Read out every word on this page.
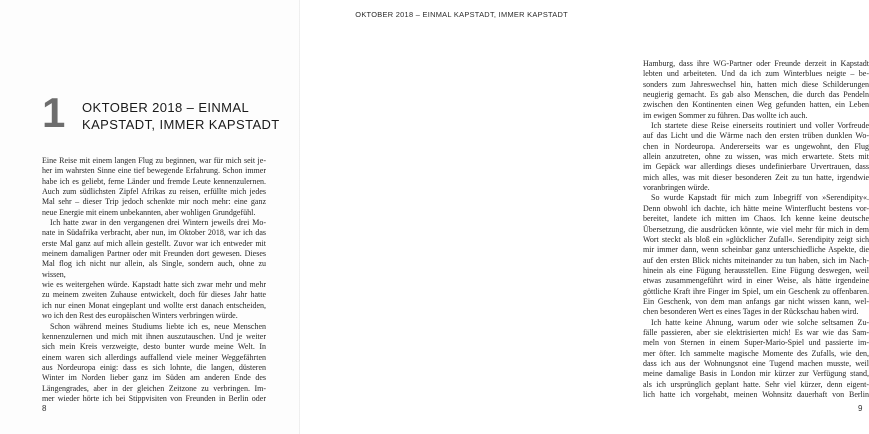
1 OKTOBER 2018 – EINMAL
KAPSTADT, IMMER KAPSTADT

Eine Reise mit einem langen Flug zu beginnen, war für mich seit je-

her im wahrsten Sinne eine tief bewegende Erfahrung. Schon immer

habe ich es geliebt, ferne Länder und fremde Leute kennenzulernen.

Auch zum südlichsten Zipfel Afrikas zu reisen, erfüllte mich jedes

Mal sehr – dieser Trip jedoch schenkte mir noch mehr: eine ganz

neue Energie mit einem unbekannten, aber wohligen Grundgefühl.

Ich hatte zwar in den vergangenen drei Wintern jeweils drei Mo-

nate in Südafrika verbracht, aber nun, im Oktober 2018, war ich das

erste Mal ganz auf mich allein gestellt. Zuvor war ich entweder mit

meinem damaligen Partner oder mit Freunden dort gewesen. Dieses

Mal flog ich nicht nur allein, als Single, sondern auch, ohne zu wissen,

wie es weitergehen würde. Kapstadt hatte sich zwar mehr und mehr

zu meinem zweiten Zuhause entwickelt, doch für dieses Jahr hatte

ich nur einen Monat eingeplant und wollte erst danach entscheiden,

wo ich den Rest des europäischen Winters verbringen würde.

Schon während meines Studiums liebte ich es, neue Menschen

kennenzulernen und mich mit ihnen auszutauschen. Und je weiter

sich mein Kreis verzweigte, desto bunter wurde meine Welt. In

einem waren sich allerdings auffallend viele meiner Weggefährten

aus Nordeuropa einig: dass es sich lohnte, die langen, düsteren

Winter im Norden lieber ganz im Süden am anderen Ende des

Längengrades, aber in der gleichen Zeitzone zu verbringen. Im-

mer wieder hörte ich bei Stippvisiten von Freunden in Berlin oder

8
OKTOBER 2018 – EINMAL KAPSTADT, IMMER KAPSTADT

Hamburg, dass ihre WG-Partner oder Freunde derzeit in Kapstadt

lebten und arbeiteten. Und da ich zum Winterblues neigte – be-

sonders zum Jahreswechsel hin, hatten mich diese Schilderungen

neugierig gemacht. Es gab also Menschen, die durch das Pendeln

zwischen den Kontinenten einen Weg gefunden hatten, ein Leben

im ewigen Sommer zu führen. Das wollte ich auch.

Ich startete diese Reise einerseits routiniert und voller Vorfreude

auf das Licht und die Wärme nach den ersten trüben dunklen Wo-

chen in Nordeuropa. Andererseits war es ungewohnt, den Flug

allein anzutreten, ohne zu wissen, was mich erwartete. Stets mit

im Gepäck war allerdings dieses undefinierbare Urvertrauen, dass

mich alles, was mit dieser besonderen Zeit zu tun hatte, irgendwie

voranbringen würde.

So wurde Kapstadt für mich zum Inbegriff von »Serendipity«.

Denn obwohl ich dachte, ich hätte meine Winterflucht bestens vor-

bereitet, landete ich mitten im Chaos. Ich kenne keine deutsche

Übersetzung, die ausdrücken könnte, wie viel mehr für mich in dem

Wort steckt als bloß ein »glücklicher Zufall«. Serendipity zeigt sich

mir immer dann, wenn scheinbar ganz unterschiedliche Aspekte, die

auf den ersten Blick nichts miteinander zu tun haben, sich im Nach-

hinein als eine Fügung herausstellen. Eine Fügung deswegen, weil

etwas zusammengeführt wird in einer Weise, als hätte irgendeine

göttliche Kraft ihre Finger im Spiel, um ein Geschenk zu offenbaren.

Ein Geschenk, von dem man anfangs gar nicht wissen kann, wel-

chen besonderen Wert es eines Tages in der Rückschau haben wird.

Ich hatte keine Ahnung, warum oder wie solche seltsamen Zu-

fälle passieren, aber sie elektrisierten mich! Es war wie das Sam-

meln von Sternen in einem Super-Mario-Spiel und passierte im-

mer öfter. Ich sammelte magische Momente des Zufalls, wie den,

dass ich aus der Wohnungsnot eine Tugend machen musste, weil

meine damalige Basis in London mir kürzer zur Verfügung stand,

als ich ursprünglich geplant hatte. Sehr viel kürzer, denn eigent-

lich hatte ich vorgehabt, meinen Wohnsitz dauerhaft von Berlin

9
